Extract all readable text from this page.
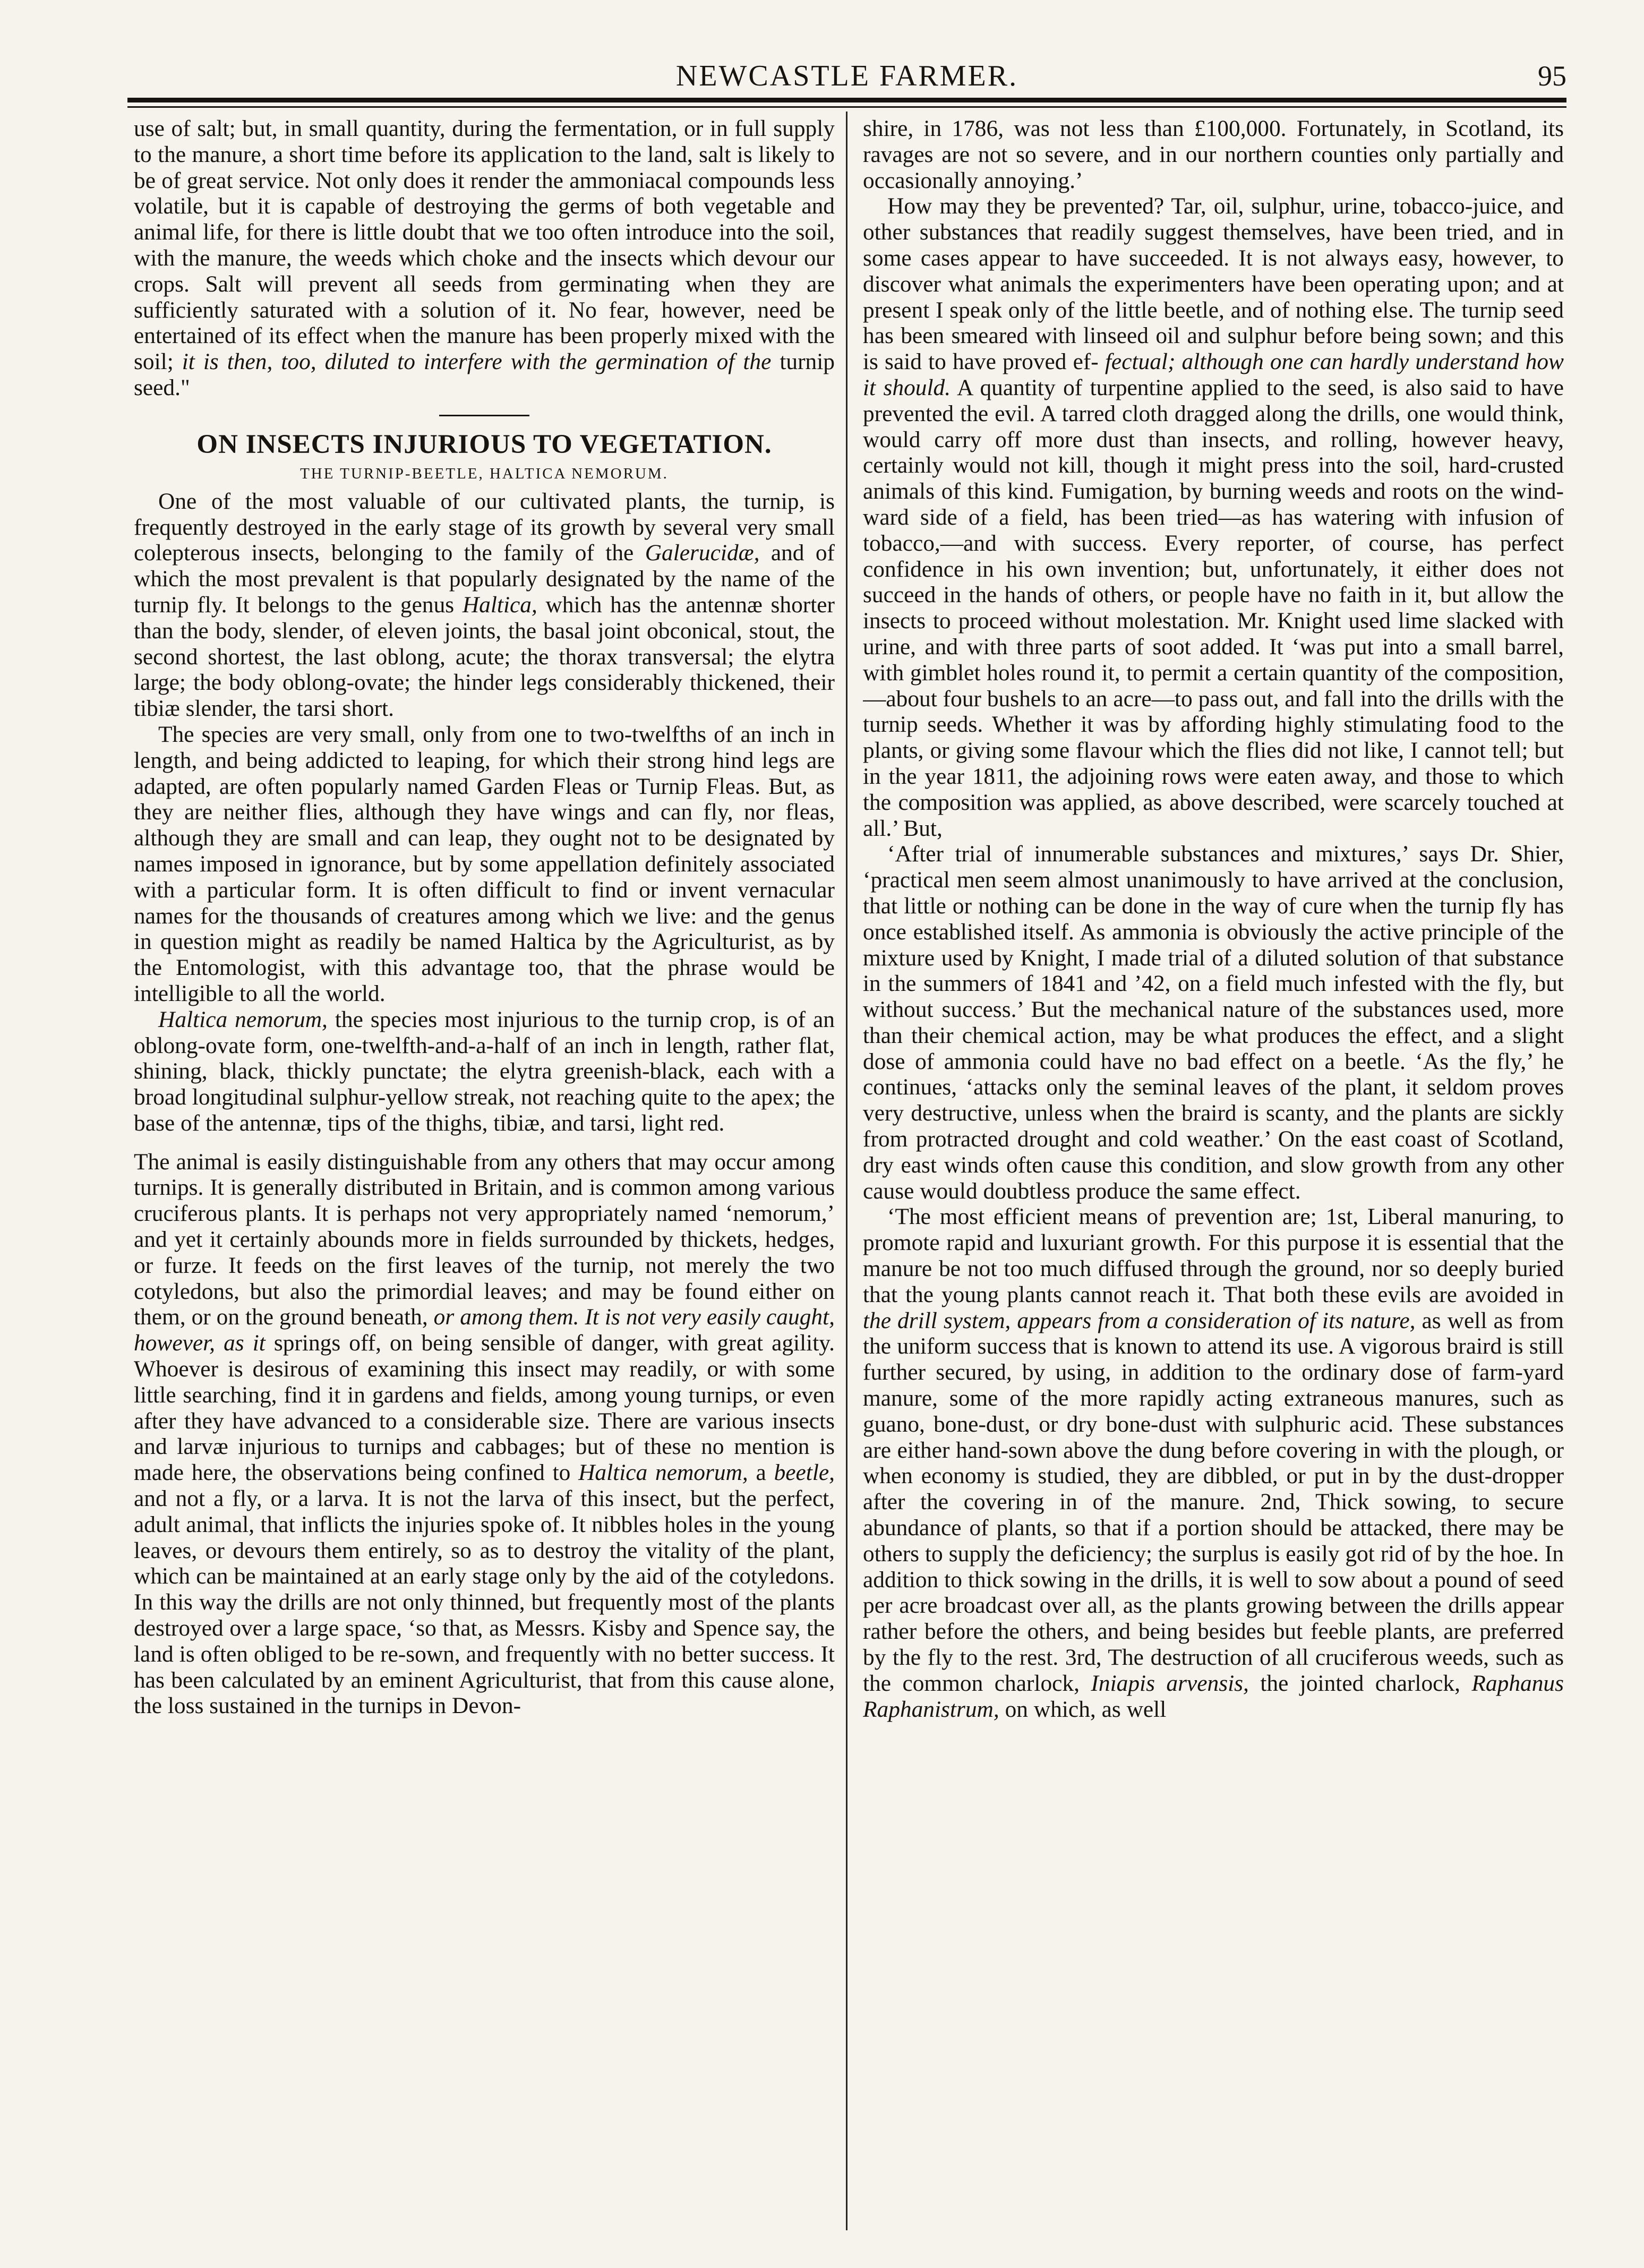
NEWCASTLE FARMER.	95

use of salt; but, in small quantity, during the fermentation, or in full supply to the manure, a short time before its application to the land, salt is likely to be of great service. Not only does it render the ammoniacal compounds less volatile, but it is capable of destroying the germs of both vegetable and animal life, for there is little doubt that we too often introduce into the soil, with the manure, the weeds which choke and the insects which devour our crops. Salt will prevent all seeds from germinating when they are sufficiently saturated with a solution of it. No fear, however, need be entertained of its effect when the manure has been properly mixed with the soil; it is then, too, diluted to interfere with the germination of the turnip seed."

ON INSECTS INJURIOUS TO VEGETATION.
THE TURNIP-BEETLE, HALTICA NEMORUM.

One of the most valuable of our cultivated plants, the turnip, is frequently destroyed in the early stage of its growth by several very small colepterous insects, belonging to the family of the Galerucidæ, and of which the most prevalent is that popularly designated by the name of the turnip fly. It belongs to the genus Haltica, which has the antennæ shorter than the body, slender, of eleven joints, the basal joint obconical, stout, the second shortest, the last oblong, acute; the thorax transversal; the elytra large; the body oblong-ovate; the hinder legs considerably thickened, their tibiæ slender, the tarsi short.

The species are very small, only from one to two-twelfths of an inch in length, and being addicted to leaping, for which their strong hind legs are adapted, are often popularly named Garden Fleas or Turnip Fleas. But, as they are neither flies, although they have wings and can fly, nor fleas, although they are small and can leap, they ought not to be designated by names imposed in ignorance, but by some appellation definitely associated with a particular form. It is often difficult to find or invent vernacular names for the thousands of creatures among which we live: and the genus in question might as readily be named Haltica by the Agriculturist, as by the Entomologist, with this advantage too, that the phrase would be intelligible to all the world.

Haltica nemorum, the species most injurious to the turnip crop, is of an oblong-ovate form, one-twelfth-and-a-half of an inch in length, rather flat, shining, black, thickly punctate; the elytra greenish-black, each with a broad longitudinal sulphur-yellow streak, not reaching quite to the apex; the base of the antennæ, tips of the thighs, tibiæ, and tarsi, light red.

The animal is easily distinguishable from any others that may occur among turnips. It is generally distributed in Britain, and is common among various cruciferous plants. It is perhaps not very appropriately named ‘nemorum,’ and yet it certainly abounds more in fields surrounded by thickets, hedges, or furze. It feeds on the first leaves of the turnip, not merely the two cotyledons, but also the primordial leaves; and may be found either on them, or on the ground beneath, or among them. It is not very easily caught, however, as it springs off, on being sensible of danger, with great agility. Whoever is desirous of examining this insect may readily, or with some little searching, find it in gardens and fields, among young turnips, or even after they have advanced to a considerable size. There are various insects and larvæ injurious to turnips and cabbages; but of these no mention is made here, the observations being confined to Haltica nemorum, a beetle, and not a fly, or a larva. It is not the larva of this insect, but the perfect, adult animal, that inflicts the injuries spoke of. It nibbles holes in the young leaves, or devours them entirely, so as to destroy the vitality of the plant, which can be maintained at an early stage only by the aid of the cotyledons. In this way the drills are not only thinned, but frequently most of the plants destroyed over a large space, ‘so that, as Messrs. Kisby and Spence say, the land is often obliged to be re-sown, and frequently with no better success. It has been calculated by an eminent Agriculturist, that from this cause alone, the loss sustained in the turnips in Devon-

shire, in 1786, was not less than £100,000. Fortunately, in Scotland, its ravages are not so severe, and in our northern counties only partially and occasionally annoying.’

How may they be prevented? Tar, oil, sulphur, urine, tobacco-juice, and other substances that readily suggest themselves, have been tried, and in some cases appear to have succeeded. It is not always easy, however, to discover what animals the experimenters have been operating upon; and at present I speak only of the little beetle, and of nothing else. The turnip seed has been smeared with linseed oil and sulphur before being sown; and this is said to have proved ef- fectual; although one can hardly understand how it should. A quantity of turpentine applied to the seed, is also said to have prevented the evil. A tarred cloth dragged along the drills, one would think, would carry off more dust than insects, and rolling, however heavy, certainly would not kill, though it might press into the soil, hard-crusted animals of this kind. Fumigation, by burning weeds and roots on the wind-ward side of a field, has been tried—as has watering with infusion of tobacco,—and with success. Every reporter, of course, has perfect confidence in his own invention; but, unfortunately, it either does not succeed in the hands of others, or people have no faith in it, but allow the insects to proceed without molestation. Mr. Knight used lime slacked with urine, and with three parts of soot added. It ‘was put into a small barrel, with gimblet holes round it, to permit a certain quantity of the composition,—about four bushels to an acre—to pass out, and fall into the drills with the turnip seeds. Whether it was by affording highly stimulating food to the plants, or giving some flavour which the flies did not like, I cannot tell; but in the year 1811, the adjoining rows were eaten away, and those to which the composition was applied, as above described, were scarcely touched at all.’ But,

‘After trial of innumerable substances and mixtures,’ says Dr. Shier, ‘practical men seem almost unanimously to have arrived at the conclusion, that little or nothing can be done in the way of cure when the turnip fly has once established itself. As ammonia is obviously the active principle of the mixture used by Knight, I made trial of a diluted solution of that substance in the summers of 1841 and ’42, on a field much infested with the fly, but without success.’ But the mechanical nature of the substances used, more than their chemical action, may be what produces the effect, and a slight dose of ammonia could have no bad effect on a beetle. ‘As the fly,’ he continues, ‘attacks only the seminal leaves of the plant, it seldom proves very destructive, unless when the braird is scanty, and the plants are sickly from protracted drought and cold weather.’ On the east coast of Scotland, dry east winds often cause this condition, and slow growth from any other cause would doubtless produce the same effect.

‘The most efficient means of prevention are; 1st, Liberal manuring, to promote rapid and luxuriant growth. For this purpose it is essential that the manure be not too much diffused through the ground, nor so deeply buried that the young plants cannot reach it. That both these evils are avoided in the drill system, appears from a consideration of its nature, as well as from the uniform success that is known to attend its use. A vigorous braird is still further secured, by using, in addition to the ordinary dose of farm-yard manure, some of the more rapidly acting extraneous manures, such as guano, bone-dust, or dry bone-dust with sulphuric acid. These substances are either hand-sown above the dung before covering in with the plough, or when economy is studied, they are dibbled, or put in by the dust-dropper after the covering in of the manure. 2nd, Thick sowing, to secure abundance of plants, so that if a portion should be attacked, there may be others to supply the deficiency; the surplus is easily got rid of by the hoe. In addition to thick sowing in the drills, it is well to sow about a pound of seed per acre broadcast over all, as the plants growing between the drills appear rather before the others, and being besides but feeble plants, are preferred by the fly to the rest. 3rd, The destruction of all cruciferous weeds, such as the common charlock, Iniapis arvensis, the jointed charlock, Raphanus Raphanistrum, on which, as well
